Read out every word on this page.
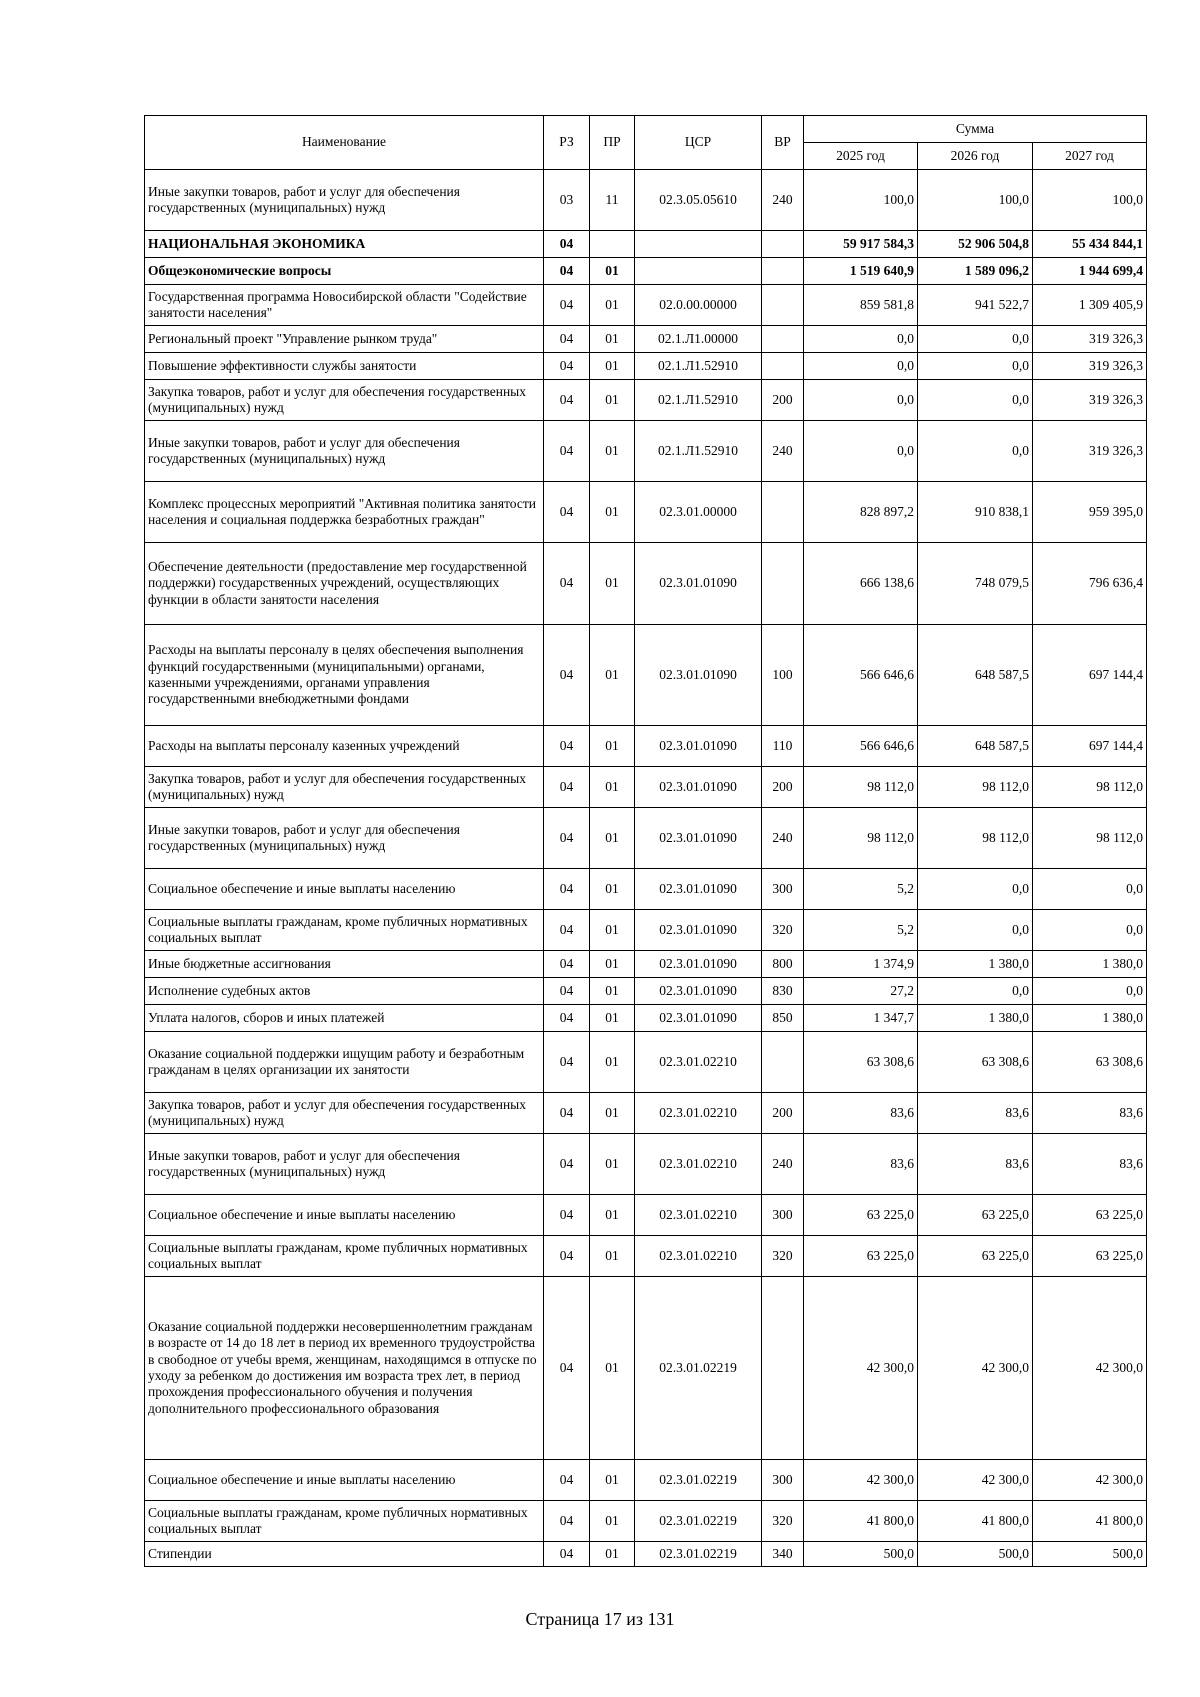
Наименование	РЗ	ПР	ЦСР	ВР	Сумма		
					2025 год	2026 год	2027 год
Иные закупки товаров, работ и услуг для обеспечения государственных (муниципальных) нужд	03	11	02.3.05.05610	240	100,0	100,0	100,0
НАЦИОНАЛЬНАЯ ЭКОНОМИКА	04				59 917 584,3	52 906 504,8	55 434 844,1
Общеэкономические вопросы	04	01			1 519 640,9	1 589 096,2	1 944 699,4
Государственная программа Новосибирской области "Содействие занятости населения"	04	01	02.0.00.00000		859 581,8	941 522,7	1 309 405,9
Региональный проект "Управление рынком труда"	04	01	02.1.Л1.00000		0,0	0,0	319 326,3
Повышение эффективности службы занятости	04	01	02.1.Л1.52910		0,0	0,0	319 326,3
Закупка товаров, работ и услуг для обеспечения государственных (муниципальных) нужд	04	01	02.1.Л1.52910	200	0,0	0,0	319 326,3
Иные закупки товаров, работ и услуг для обеспечения государственных (муниципальных) нужд	04	01	02.1.Л1.52910	240	0,0	0,0	319 326,3
Комплекс процессных мероприятий "Активная политика занятости населения и социальная поддержка безработных граждан"	04	01	02.3.01.00000		828 897,2	910 838,1	959 395,0
Обеспечение деятельности (предоставление мер государственной поддержки) государственных учреждений, осуществляющих функции в области занятости населения	04	01	02.3.01.01090		666 138,6	748 079,5	796 636,4
Расходы на выплаты персоналу в целях обеспечения выполнения функций государственными (муниципальными) органами, казенными учреждениями, органами управления государственными внебюджетными фондами	04	01	02.3.01.01090	100	566 646,6	648 587,5	697 144,4
Расходы на выплаты персоналу казенных учреждений	04	01	02.3.01.01090	110	566 646,6	648 587,5	697 144,4
Закупка товаров, работ и услуг для обеспечения государственных (муниципальных) нужд	04	01	02.3.01.01090	200	98 112,0	98 112,0	98 112,0
Иные закупки товаров, работ и услуг для обеспечения государственных (муниципальных) нужд	04	01	02.3.01.01090	240	98 112,0	98 112,0	98 112,0
Социальное обеспечение и иные выплаты населению	04	01	02.3.01.01090	300	5,2	0,0	0,0
Социальные выплаты гражданам, кроме публичных нормативных социальных выплат	04	01	02.3.01.01090	320	5,2	0,0	0,0
Иные бюджетные ассигнования	04	01	02.3.01.01090	800	1 374,9	1 380,0	1 380,0
Исполнение судебных актов	04	01	02.3.01.01090	830	27,2	0,0	0,0
Уплата налогов, сборов и иных платежей	04	01	02.3.01.01090	850	1 347,7	1 380,0	1 380,0
Оказание социальной поддержки ищущим работу и безработным гражданам в целях организации их занятости	04	01	02.3.01.02210		63 308,6	63 308,6	63 308,6
Закупка товаров, работ и услуг для обеспечения государственных (муниципальных) нужд	04	01	02.3.01.02210	200	83,6	83,6	83,6
Иные закупки товаров, работ и услуг для обеспечения государственных (муниципальных) нужд	04	01	02.3.01.02210	240	83,6	83,6	83,6
Социальное обеспечение и иные выплаты населению	04	01	02.3.01.02210	300	63 225,0	63 225,0	63 225,0
Социальные выплаты гражданам, кроме публичных нормативных социальных выплат	04	01	02.3.01.02210	320	63 225,0	63 225,0	63 225,0
Оказание социальной поддержки несовершеннолетним гражданам в возрасте от 14 до 18 лет в период их временного трудоустройства в свободное от учебы время, женщинам, находящимся в отпуске по уходу за ребенком до достижения им возраста трех лет, в период прохождения профессионального обучения и получения дополнительного профессионального образования	04	01	02.3.01.02219		42 300,0	42 300,0	42 300,0
Социальное обеспечение и иные выплаты населению	04	01	02.3.01.02219	300	42 300,0	42 300,0	42 300,0
Социальные выплаты гражданам, кроме публичных нормативных социальных выплат	04	01	02.3.01.02219	320	41 800,0	41 800,0	41 800,0
Стипендии	04	01	02.3.01.02219	340	500,0	500,0	500,0
Страница 17 из 131
